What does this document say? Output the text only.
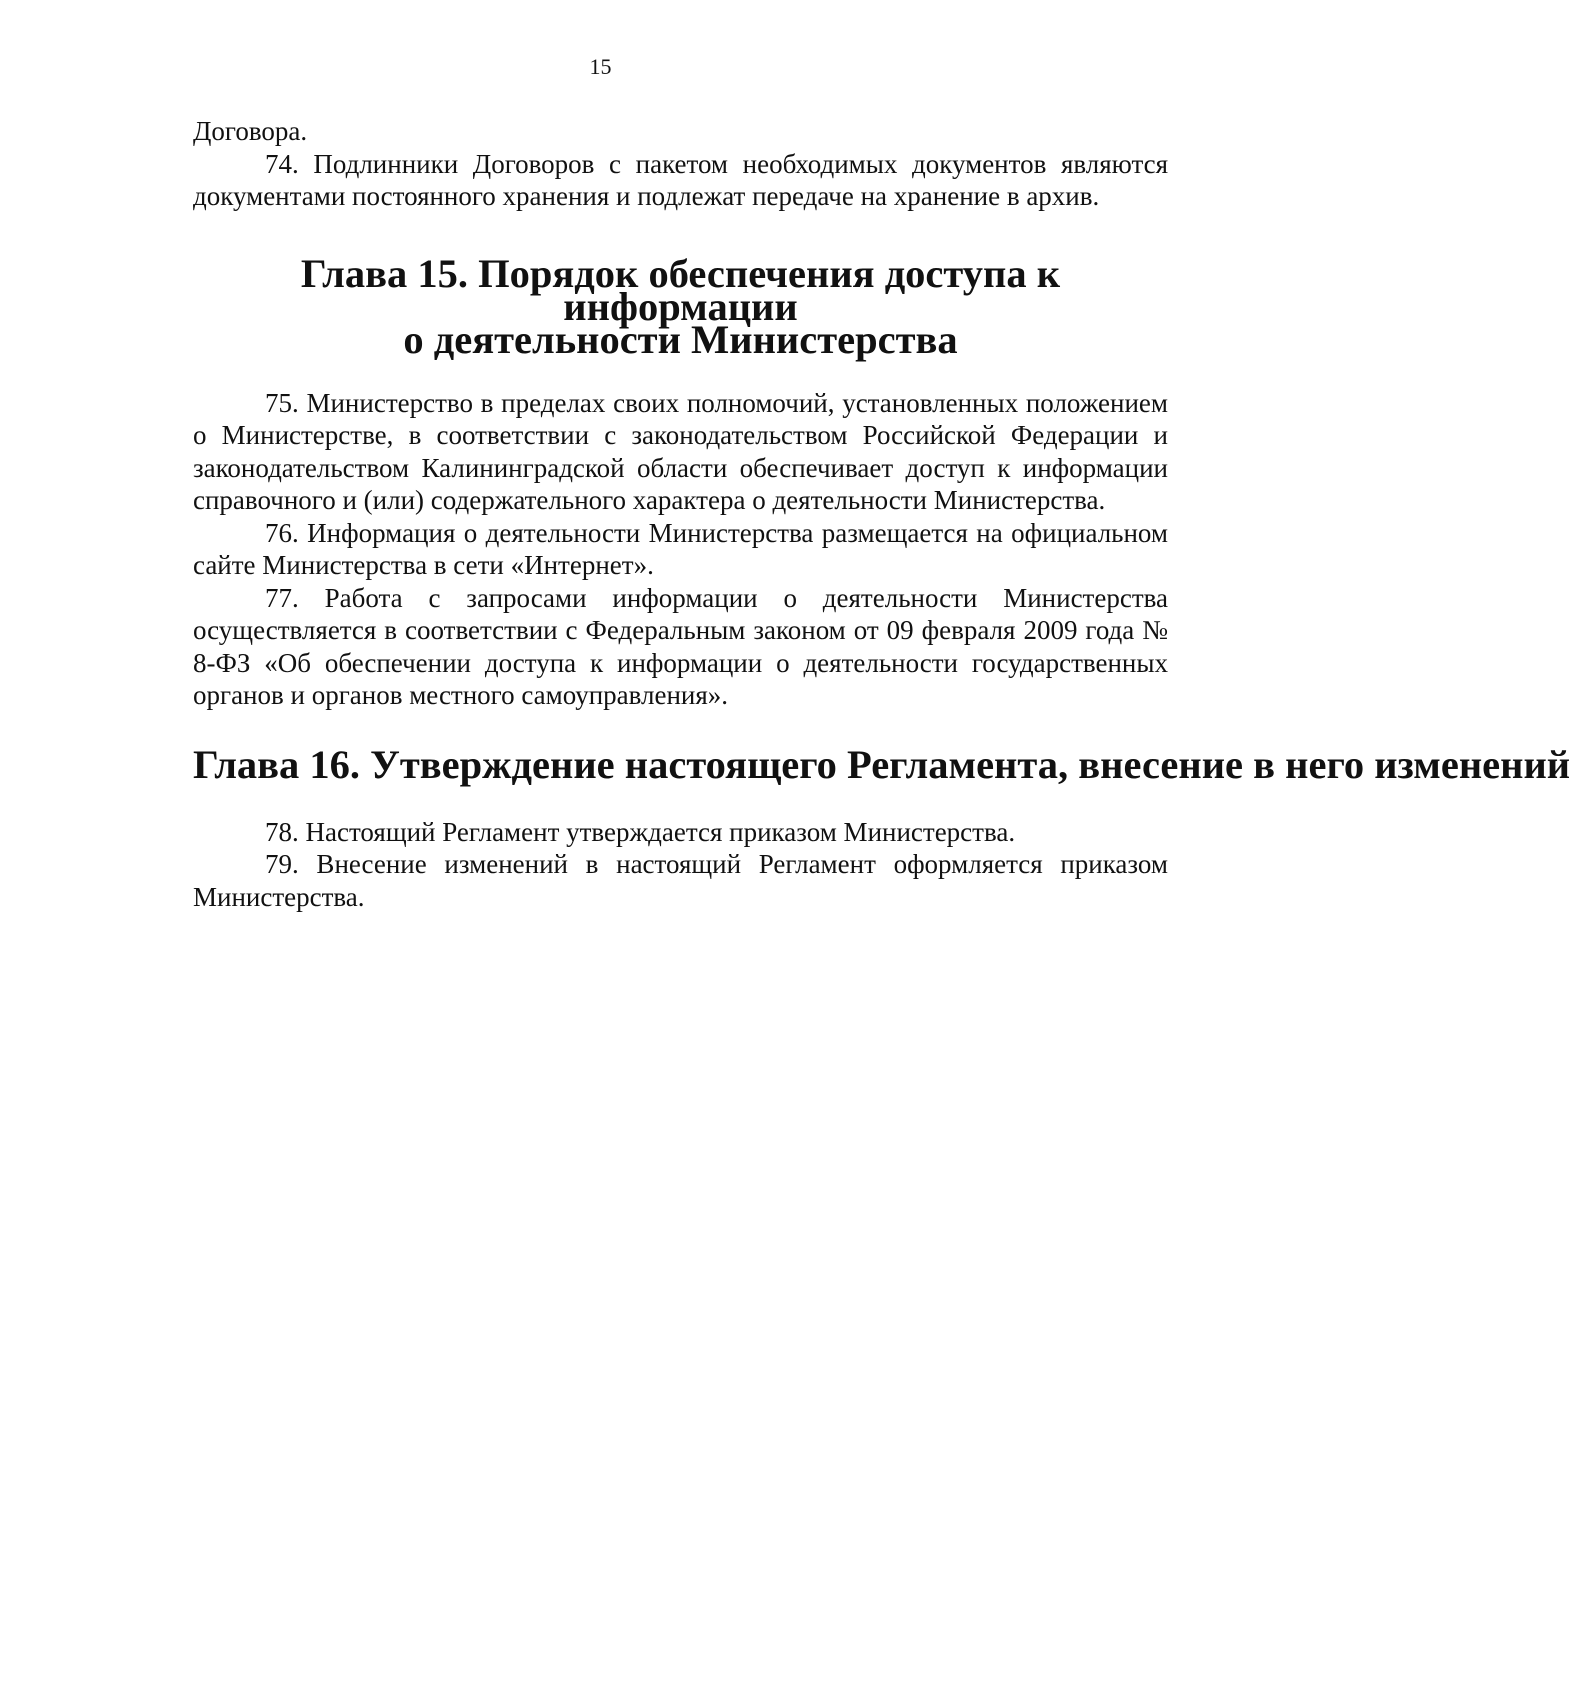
15

Договора.

74. Подлинники Договоров с пакетом необходимых документов являются документами постоянного хранения и подлежат передаче на хранение в архив.

Глава 15. Порядок обеспечения доступа к информации
о деятельности Министерства

75. Министерство в пределах своих полномочий, установленных положением о Министерстве, в соответствии с законодательством Российской Федерации и законодательством Калининградской области обеспечивает доступ к информации справочного и (или) содержательного характера о деятельности Министерства.

76. Информация о деятельности Министерства размещается на официальном сайте Министерства в сети «Интернет».

77. Работа с запросами информации о деятельности Министерства осуществляется в соответствии с Федеральным законом от 09 февраля 2009 года № 8-ФЗ «Об обеспечении доступа к информации о деятельности государственных органов и органов местного самоуправления».

Глава 16. Утверждение настоящего Регламента, внесение в него изменений

78. Настоящий Регламент утверждается приказом Министерства.

79. Внесение изменений в настоящий Регламент оформляется приказом Министерства.
